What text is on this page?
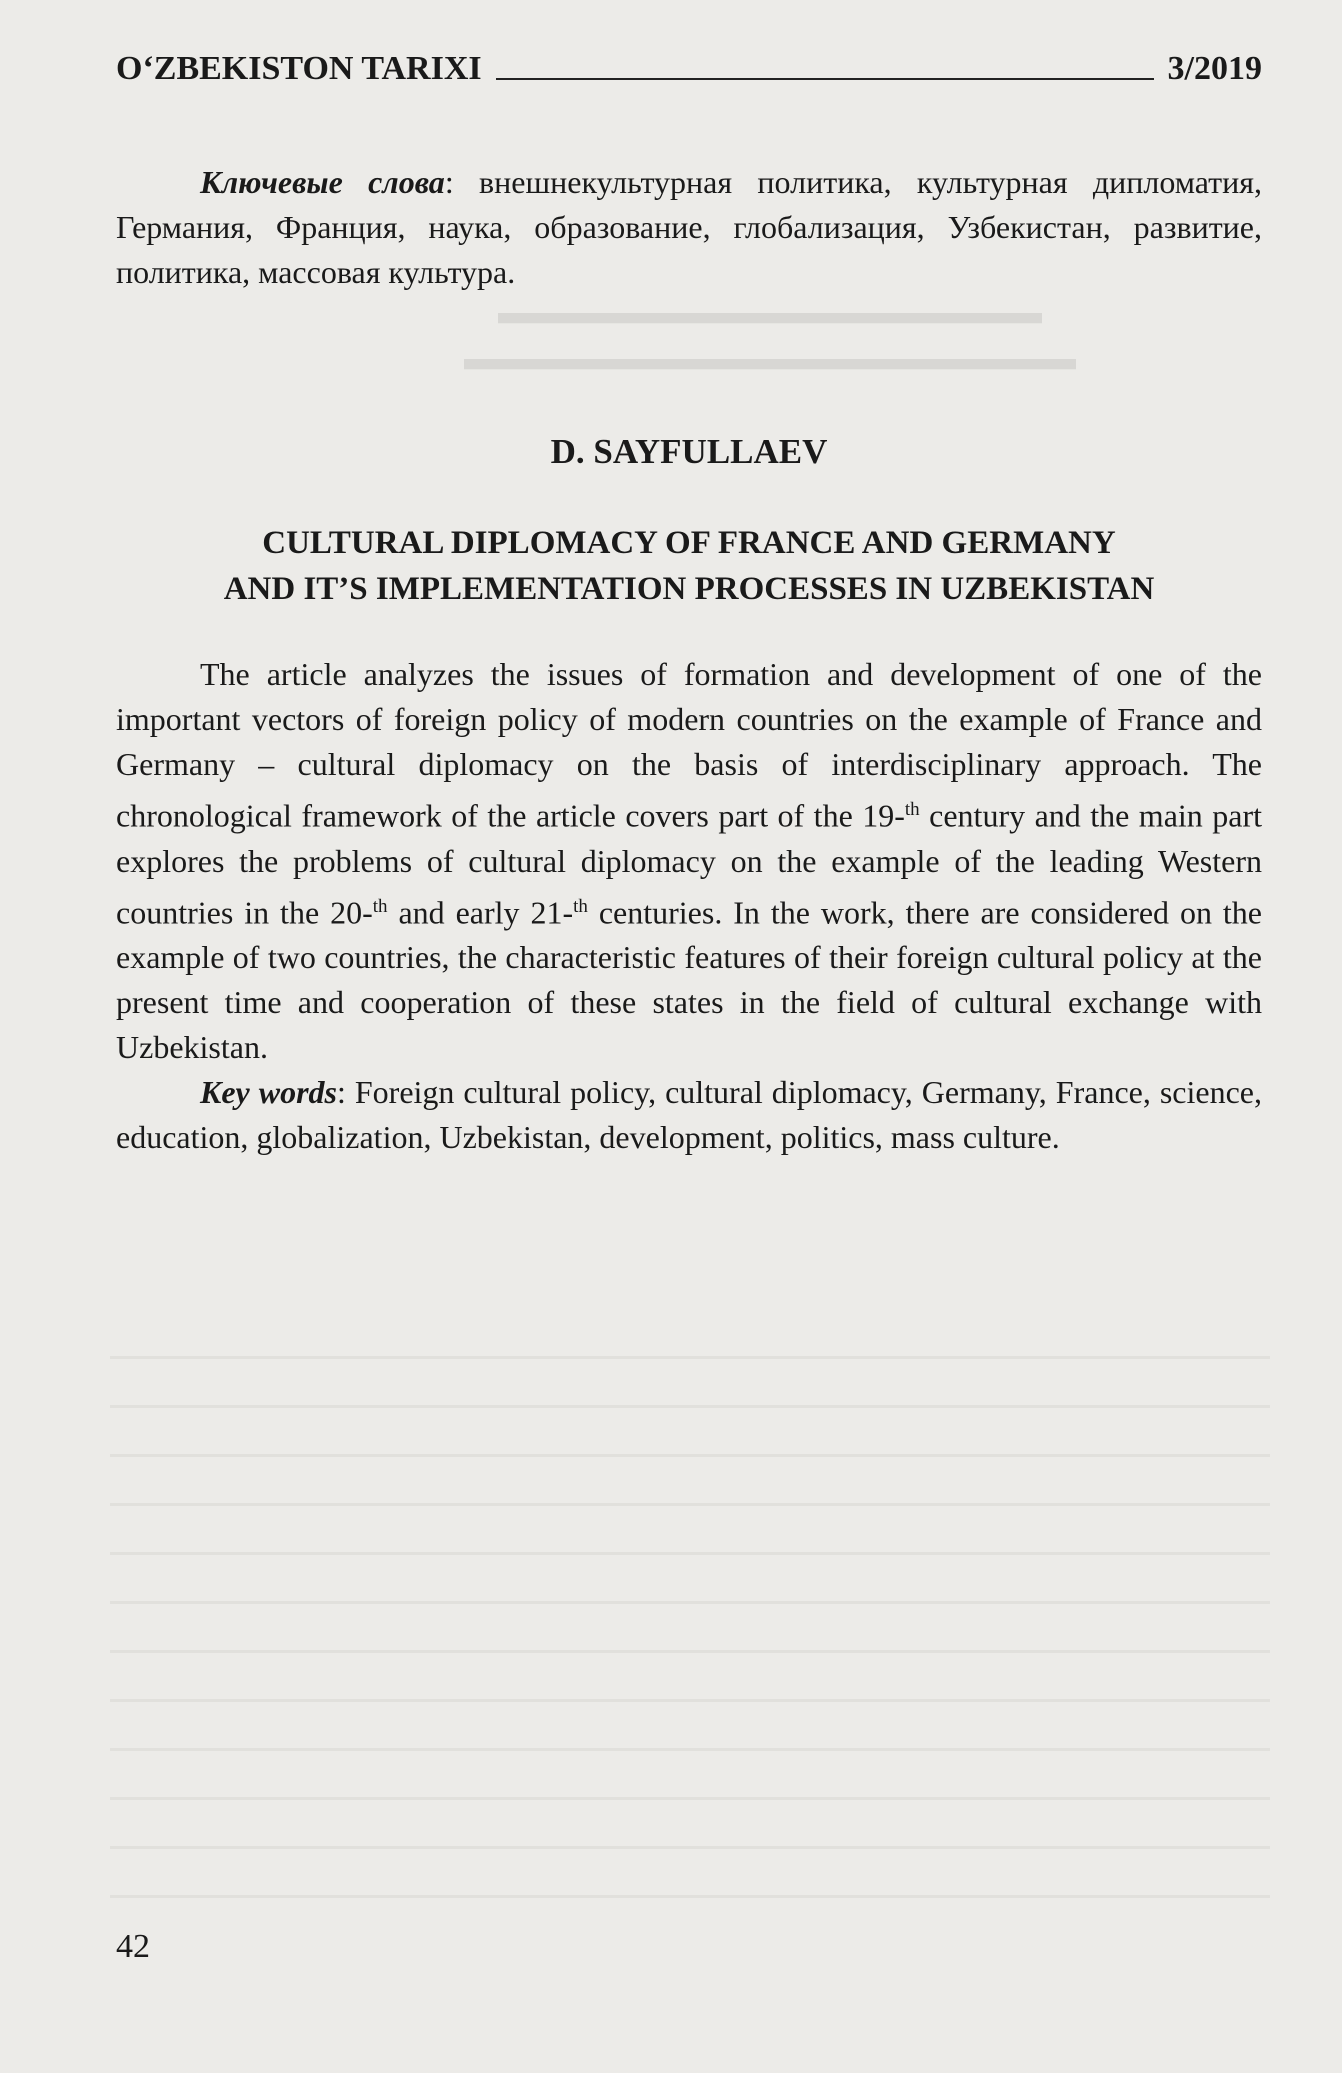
▬▬▬▬▬▬▬▬▬▬▬▬▬▬▬▬▬▬
▬▬▬▬▬▬▬▬▬▬▬▬▬▬▬▬
O‘ZBEKISTON TARIXI	3/2019

Ключевые слова: внешнекультурная политика, культурная дипломатия, Германия, Франция, наука, образование, глобализация, Узбекистан, развитие, политика, массовая культура.

D. SAYFULLAEV
CULTURAL DIPLOMACY OF FRANCE AND GERMANY
AND IT’S IMPLEMENTATION PROCESSES IN UZBEKISTAN

The article analyzes the issues of formation and development of one of the important vectors of foreign policy of modern countries on the example of France and Germany – cultural diplomacy on the basis of interdisciplinary approach. The chronological framework of the article covers part of the 19-$^{th}$ century and the main part explores the problems of cultural diplomacy on the example of the leading Western countries in the 20-$^{th}$ and early 21-$^{th}$ centuries. In the work, there are considered on the example of two countries, the characteristic features of their foreign cultural policy at the present time and cooperation of these states in the field of cultural exchange with Uzbekistan.

Key words: Foreign cultural policy, cultural diplomacy, Germany, France, science, education, globalization, Uzbekistan, development, politics, mass culture.

42
